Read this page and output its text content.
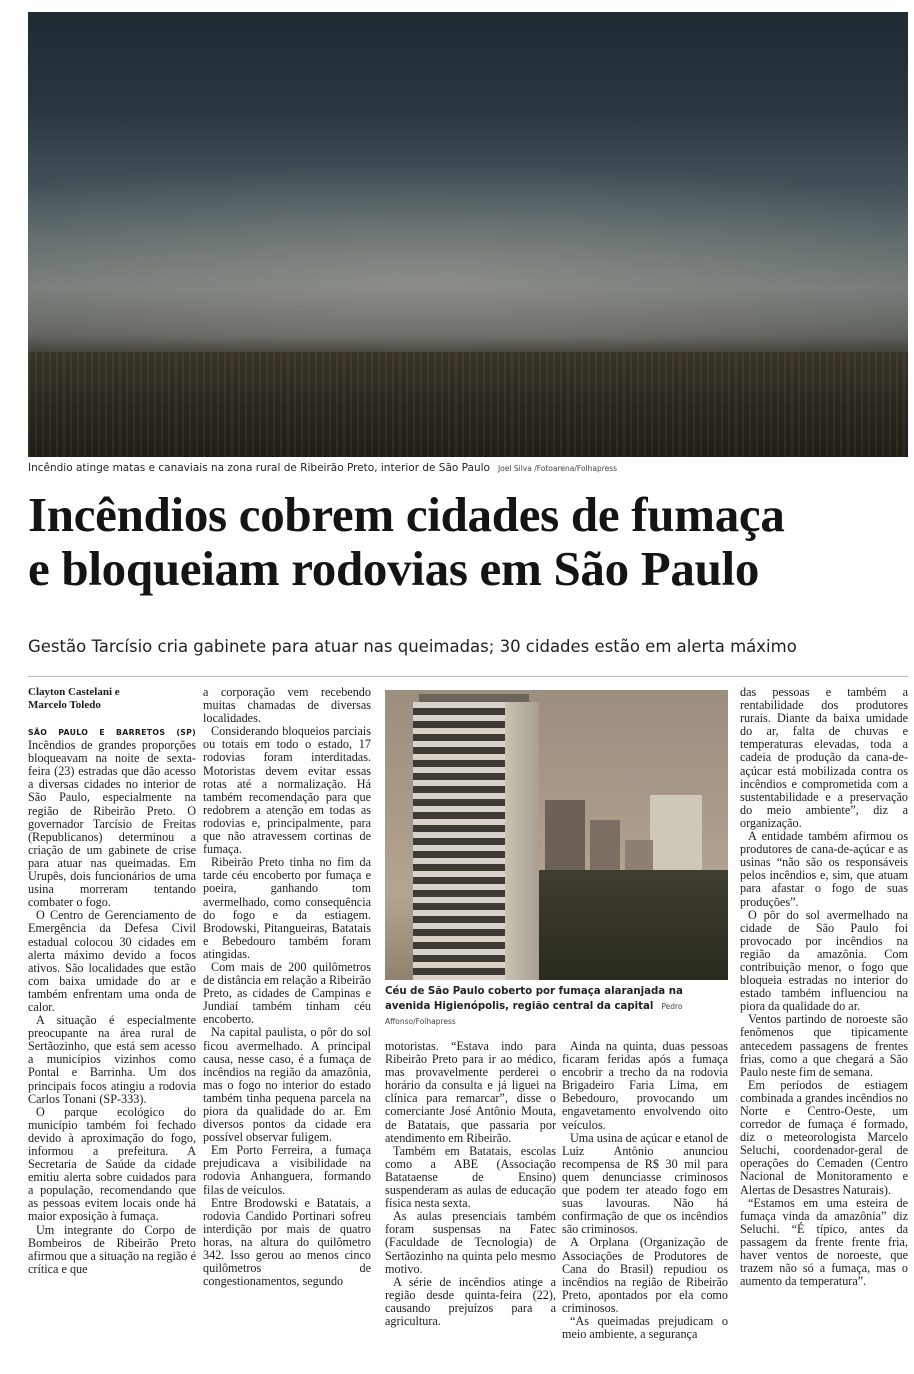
Incêndio atinge matas e canaviais na zona rural de Ribeirão Preto, interior de São Paulo Joel Silva /Fotoarena/Folhapress
Incêndios cobrem cidades de fumaça
e bloqueiam rodovias em São Paulo
Gestão Tarcísio cria gabinete para atuar nas queimadas; 30 cidades estão em alerta máximo
Clayton Castelani e
Marcelo Toledo

SÃO PAULO E BARRETOS (SP) Incêndios de grandes proporções bloqueavam na noite de sexta-feira (23) estradas que dão acesso a diversas cidades no interior de São Paulo, especialmente na região de Ribeirão Preto. O governador Tarcísio de Freitas (Republicanos) determinou a criação de um gabinete de crise para atuar nas queimadas. Em Urupês, dois funcionários de uma usina morreram tentando combater o fogo.

O Centro de Gerenciamento de Emergência da Defesa Civil estadual colocou 30 cidades em alerta máximo devido a focos ativos. São localidades que estão com baixa umidade do ar e também enfrentam uma onda de calor.

A situação é especialmente preocupante na área rural de Sertãozinho, que está sem acesso a municípios vizinhos como Pontal e Barrinha. Um dos principais focos atingiu a rodovia Carlos Tonani (SP-333).

O parque ecológico do município também foi fechado devido à aproximação do fogo, informou a prefeitura. A Secretaria de Saúde da cidade emitiu alerta sobre cuidados para a população, recomendando que as pessoas evitem locais onde há maior exposição à fumaça.

Um integrante do Corpo de Bombeiros de Ribeirão Preto afirmou que a situação na região é crítica e que

a corporação vem recebendo muitas chamadas de diversas localidades.

Considerando bloqueios parciais ou totais em todo o estado, 17 rodovias foram interditadas. Motoristas devem evitar essas rotas até a normalização. Há também recomendação para que redobrem a atenção em todas as rodovias e, principalmente, para que não atravessem cortinas de fumaça.

Ribeirão Preto tinha no fim da tarde céu encoberto por fumaça e poeira, ganhando tom avermelhado, como consequência do fogo e da estiagem. Brodowski, Pitangueiras, Batatais e Bebedouro também foram atingidas.

Com mais de 200 quilômetros de distância em relação a Ribeirão Preto, as cidades de Campinas e Jundiaí também tinham céu encoberto.

Na capital paulista, o pôr do sol ficou avermelhado. A principal causa, nesse caso, é a fumaça de incêndios na região da amazônia, mas o fogo no interior do estado também tinha pequena parcela na piora da qualidade do ar. Em diversos pontos da cidade era possível observar fuligem.

Em Porto Ferreira, a fumaça prejudicava a visibilidade na rodovia Anhanguera, formando filas de veículos.

Entre Brodowski e Batatais, a rodovia Candido Portinari sofreu interdição por mais de quatro horas, na altura do quilômetro 342. Isso gerou ao menos cinco quilômetros de congestionamentos, segundo

Céu de São Paulo coberto por fumaça alaranjada na avenida Higienópolis, região central da capital Pedro Affonso/Folhapress

motoristas. “Estava indo para Ribeirão Preto para ir ao médico, mas provavelmente perderei o horário da consulta e já liguei na clínica para remarcar”, disse o comerciante José Antônio Mouta, de Batatais, que passaria por atendimento em Ribeirão.

Também em Batatais, escolas como a ABE (Associação Batataense de Ensino) suspenderam as aulas de educação física nesta sexta.

As aulas presenciais também foram suspensas na Fatec (Faculdade de Tecnologia) de Sertãozinho na quinta pelo mesmo motivo.

A série de incêndios atinge a região desde quinta-feira (22), causando prejuízos para a agricultura.

Ainda na quinta, duas pessoas ficaram feridas após a fumaça encobrir a trecho da na rodovia Brigadeiro Faria Lima, em Bebedouro, provocando um engavetamento envolvendo oito veículos.

Uma usina de açúcar e etanol de Luiz Antônio anunciou recompensa de R$ 30 mil para quem denunciasse criminosos que podem ter ateado fogo em suas lavouras. Não há confirmação de que os incêndios são criminosos.

A Orplana (Organização de Associações de Produtores de Cana do Brasil) repudiou os incêndios na região de Ribeirão Preto, apontados por ela como criminosos.

“As queimadas prejudicam o meio ambiente, a segurança

das pessoas e também a rentabilidade dos produtores rurais. Diante da baixa umidade do ar, falta de chuvas e temperaturas elevadas, toda a cadeia de produção da cana-de-açúcar está mobilizada contra os incêndios e comprometida com a sustentabilidade e a preservação do meio ambiente”, diz a organização.

A entidade também afirmou os produtores de cana-de-açúcar e as usinas “não são os responsáveis pelos incêndios e, sim, que atuam para afastar o fogo de suas produções”.

O pôr do sol avermelhado na cidade de São Paulo foi provocado por incêndios na região da amazônia. Com contribuição menor, o fogo que bloqueia estradas no interior do estado também influenciou na piora da qualidade do ar.

Ventos partindo de noroeste são fenômenos que tipicamente antecedem passagens de frentes frias, como a que chegará a São Paulo neste fim de semana.

Em períodos de estiagem combinada a grandes incêndios no Norte e Centro-Oeste, um corredor de fumaça é formado, diz o meteorologista Marcelo Seluchi, coordenador-geral de operações do Cemaden (Centro Nacional de Monitoramento e Alertas de Desastres Naturais).

“Estamos em uma esteira de fumaça vinda da amazônia” diz Seluchi. “É típico, antes da passagem da frente frente fria, haver ventos de noroeste, que trazem não só a fumaça, mas o aumento da temperatura”.
